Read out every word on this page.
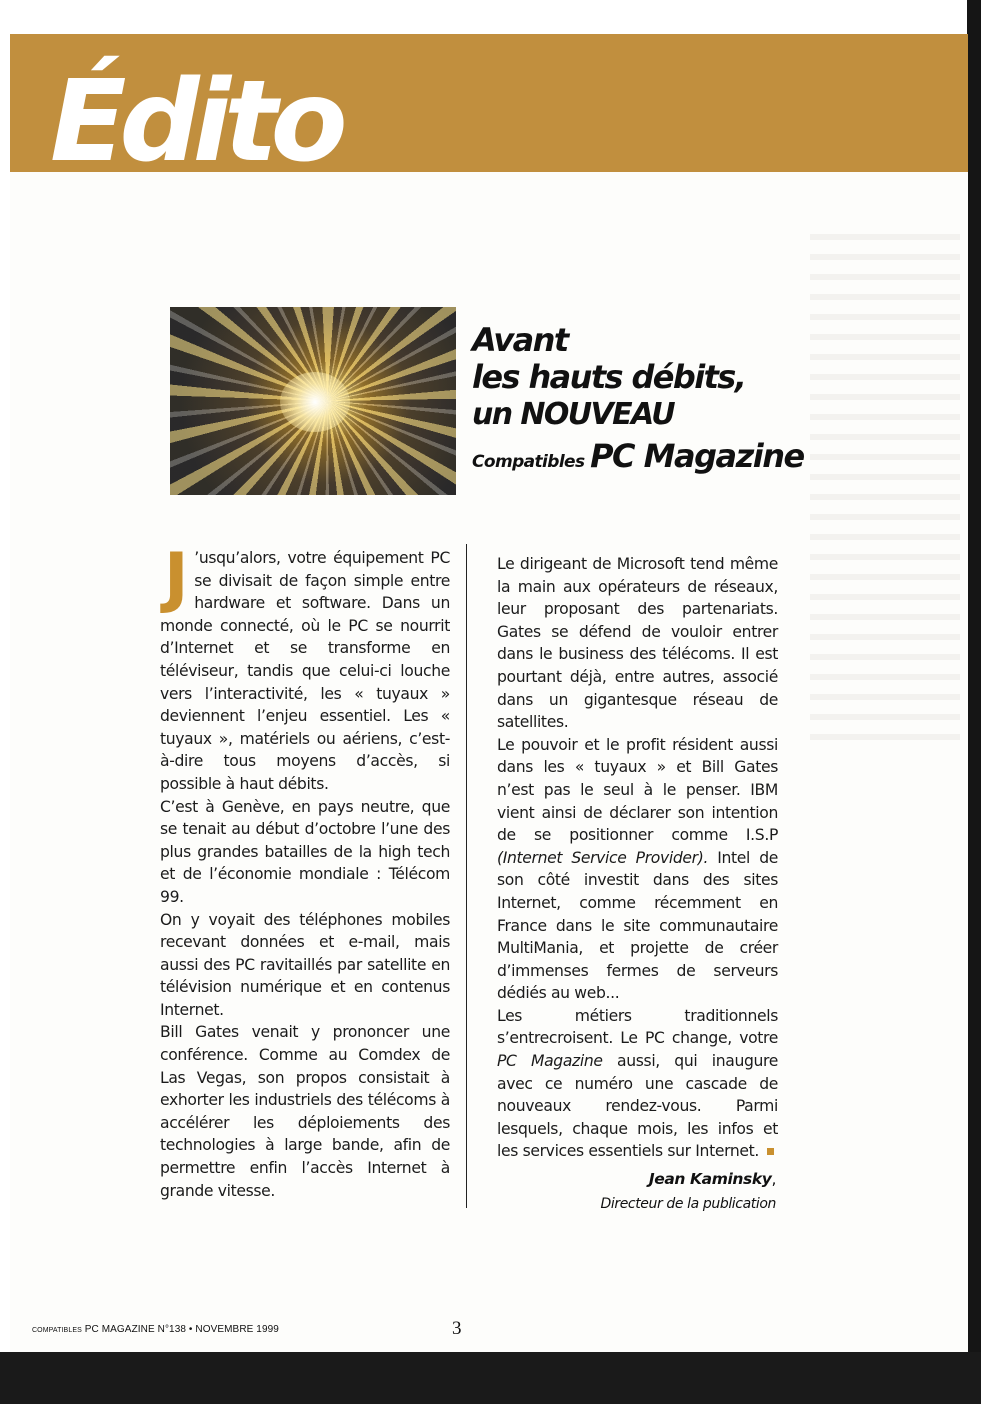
Édito
Avant
les hauts débits,
un NOUVEAU
Compatibles PC Magazine
J ’usqu’alors, votre équipement PC se divisait de façon simple entre hardware et software. Dans un monde connecté, où le PC se nourrit d’Internet et se transforme en téléviseur, tandis que celui-ci louche vers l’interactivité, les « tuyaux » deviennent l’enjeu essentiel. Les « tuyaux », matériels ou aériens, c’est-à-dire tous moyens d’accès, si possible à haut débits.

C’est à Genève, en pays neutre, que se tenait au début d’octobre l’une des plus grandes batailles de la high tech et de l’économie mondiale : Télécom 99.

On y voyait des téléphones mobiles recevant données et e-mail, mais aussi des PC ravitaillés par satellite en télévision numérique et en contenus Internet.

Bill Gates venait y prononcer une conférence. Comme au Comdex de Las Vegas, son propos consistait à exhorter les industriels des télécoms à accélérer les déploiements des technologies à large bande, afin de permettre enfin l’accès Internet à grande vitesse.

Le dirigeant de Microsoft tend même la main aux opérateurs de réseaux, leur proposant des partenariats. Gates se défend de vouloir entrer dans le business des télécoms. Il est pourtant déjà, entre autres, associé dans un gigantesque réseau de satellites.

Le pouvoir et le profit résident aussi dans les « tuyaux » et Bill Gates n’est pas le seul à le penser. IBM vient ainsi de déclarer son intention de se positionner comme I.S.P (Internet Service Provider). Intel de son côté investit dans des sites Internet, comme récemment en France dans le site communautaire MultiMania, et projette de créer d’immenses fermes de serveurs dédiés au web...

Les métiers traditionnels s’entrecroisent. Le PC change, votre PC Magazine aussi, qui inaugure avec ce numéro une cascade de nouveaux rendez-vous. Parmi lesquels, chaque mois, les infos et les services essentiels sur Internet.

Jean Kaminsky,
Directeur de la publication
COMPATIBLES PC MAGAZINE N°138 • NOVEMBRE 1999	3
